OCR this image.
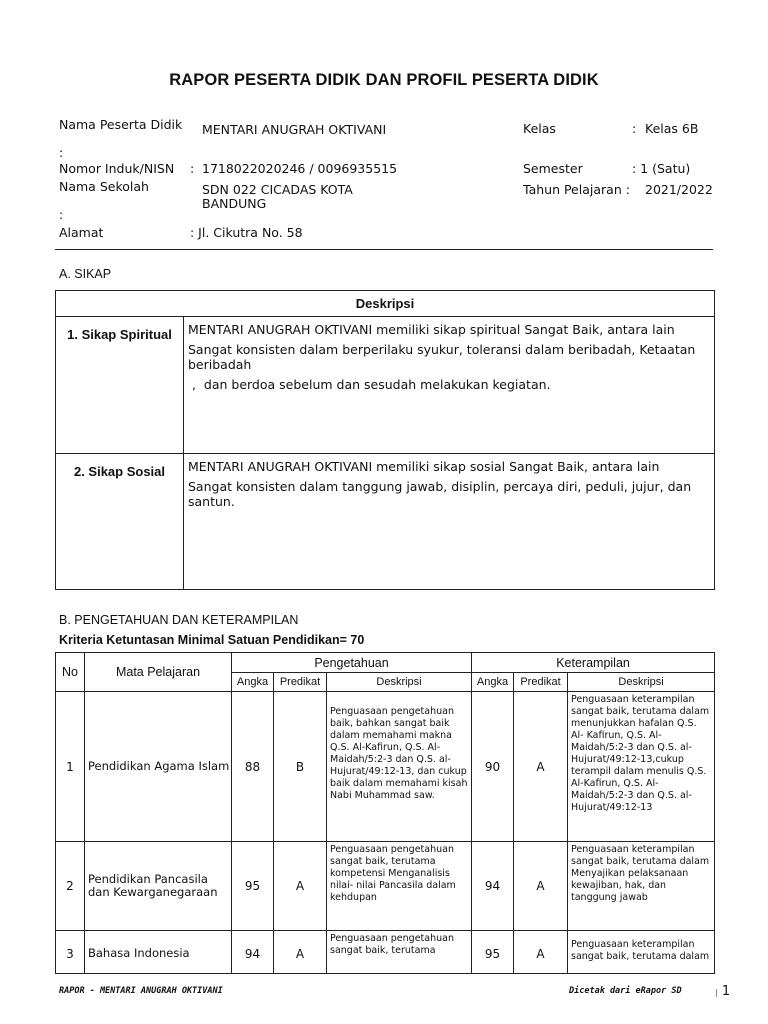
RAPOR PESERTA DIDIK DAN PROFIL PESERTA DIDIK
Nama Peserta Didik
:
MENTARI ANUGRAH OKTIVANI
Nomor Induk/NISN : 1718022020246 / 0096935515
Nama Sekolah
:
SDN 022 CICADAS KOTA BANDUNG
Alamat	: Jl. Cikutra No. 58
Kelas	: Kelas 6B
Semester	: 1 (Satu)
Tahun Pelajaran : 2021/2022
A. SIKAP
Deskripsi	
1. Sikap Spiritual	MENTARI ANUGRAH OKTIVANI memiliki sikap spiritual Sangat Baik, antara lain

Sangat konsisten dalam berperilaku syukur, toleransi dalam beribadah, Ketaatan beribadah

,  dan berdoa sebelum dan sesudah melakukan kegiatan.

2. Sikap Sosial	MENTARI ANUGRAH OKTIVANI memiliki sikap sosial Sangat Baik, antara lain

Sangat konsisten dalam tanggung jawab, disiplin, percaya diri, peduli, jujur, dan santun.

B. PENGETAHUAN DAN KETERAMPILAN
Kriteria Ketuntasan Minimal Satuan Pendidikan= 70
No	Mata Pelajaran	Pengetahuan			Keterampilan		
		Angka	Predikat	Deskripsi	Angka	Predikat	Deskripsi
1	Pendidikan Agama Islam	88	B	Penguasaan pengetahuan baik, bahkan sangat baik dalam memahami makna Q.S. Al-Kafirun, Q.S. Al-Maidah/5:2-3 dan Q.S. al- Hujurat/49:12-13, dan cukup baik dalam memahami kisah Nabi Muhammad saw.	90	A	Penguasaan keterampilan sangat baik, terutama dalam menunjukkan hafalan Q.S. Al- Kafirun, Q.S. Al-Maidah/5:2-3 dan Q.S. al-Hujurat/49:12-13,cukup terampil dalam menulis Q.S. Al-Kafirun, Q.S. Al- Maidah/5:2-3 dan Q.S. al-Hujurat/49:12-13
2	Pendidikan Pancasila dan Kewarganegaraan	95	A	Penguasaan pengetahuan sangat baik, terutama kompetensi Menganalisis nilai- nilai Pancasila dalam kehdupan	94	A	Penguasaan keterampilan sangat baik, terutama dalam Menyajikan pelaksanaan kewajiban, hak, dan tanggung jawab
3	Bahasa Indonesia	94	A	Penguasaan pengetahuan sangat baik, terutama	95	A	Penguasaan keterampilan sangat baik, terutama dalam
RAPOR - MENTARI ANUGRAH OKTIVANI	Dicetak dari eRapor SD	| 1
